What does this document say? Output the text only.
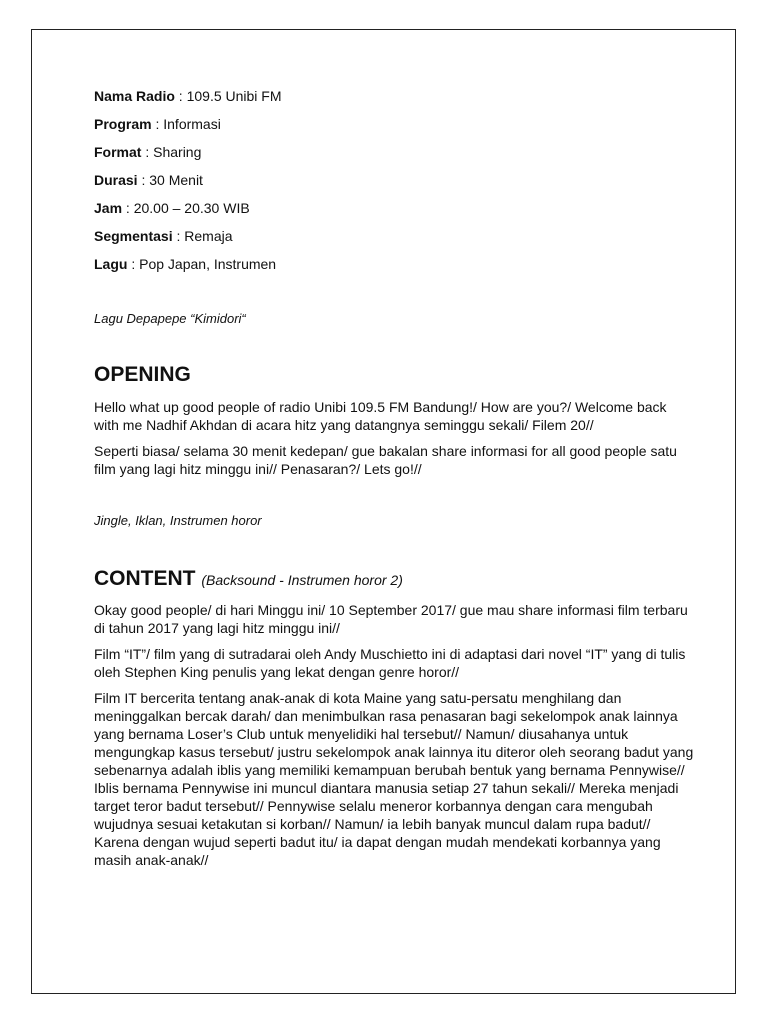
Nama Radio : 109.5 Unibi FM

Program : Informasi

Format : Sharing

Durasi : 30 Menit

Jam : 20.00 – 20.30 WIB

Segmentasi : Remaja

Lagu : Pop Japan, Instrumen

Lagu Depapepe “Kimidori“

OPENING

Hello what up good people of radio Unibi 109.5 FM Bandung!/ How are you?/ Welcome back with me Nadhif Akhdan di acara hitz yang datangnya seminggu sekali/ Filem 20//

Seperti biasa/ selama 30 menit kedepan/ gue bakalan share informasi for all good people satu film yang lagi hitz minggu ini// Penasaran?/ Lets go!//

Jingle, Iklan, Instrumen horor

CONTENT (Backsound - Instrumen horor 2)

Okay good people/ di hari Minggu ini/ 10 September 2017/ gue mau share informasi film terbaru di tahun 2017 yang lagi hitz minggu ini//

Film “IT”/ film yang di sutradarai oleh Andy Muschietto ini di adaptasi dari novel “IT” yang di tulis oleh Stephen King penulis yang lekat dengan genre horor//

Film IT bercerita tentang anak-anak di kota Maine yang satu-persatu menghilang dan meninggalkan bercak darah/ dan menimbulkan rasa penasaran bagi sekelompok anak lainnya yang bernama Loser’s Club untuk menyelidiki hal tersebut// Namun/ diusahanya untuk mengungkap kasus tersebut/ justru sekelompok anak lainnya itu diteror oleh seorang badut yang sebenarnya adalah iblis yang memiliki kemampuan berubah bentuk yang bernama Pennywise// Iblis bernama Pennywise ini muncul diantara manusia setiap 27 tahun sekali// Mereka menjadi target teror badut tersebut// Pennywise selalu meneror korbannya dengan cara mengubah wujudnya sesuai ketakutan si korban// Namun/ ia lebih banyak muncul dalam rupa badut// Karena dengan wujud seperti badut itu/ ia dapat dengan mudah mendekati korbannya yang masih anak-anak//
